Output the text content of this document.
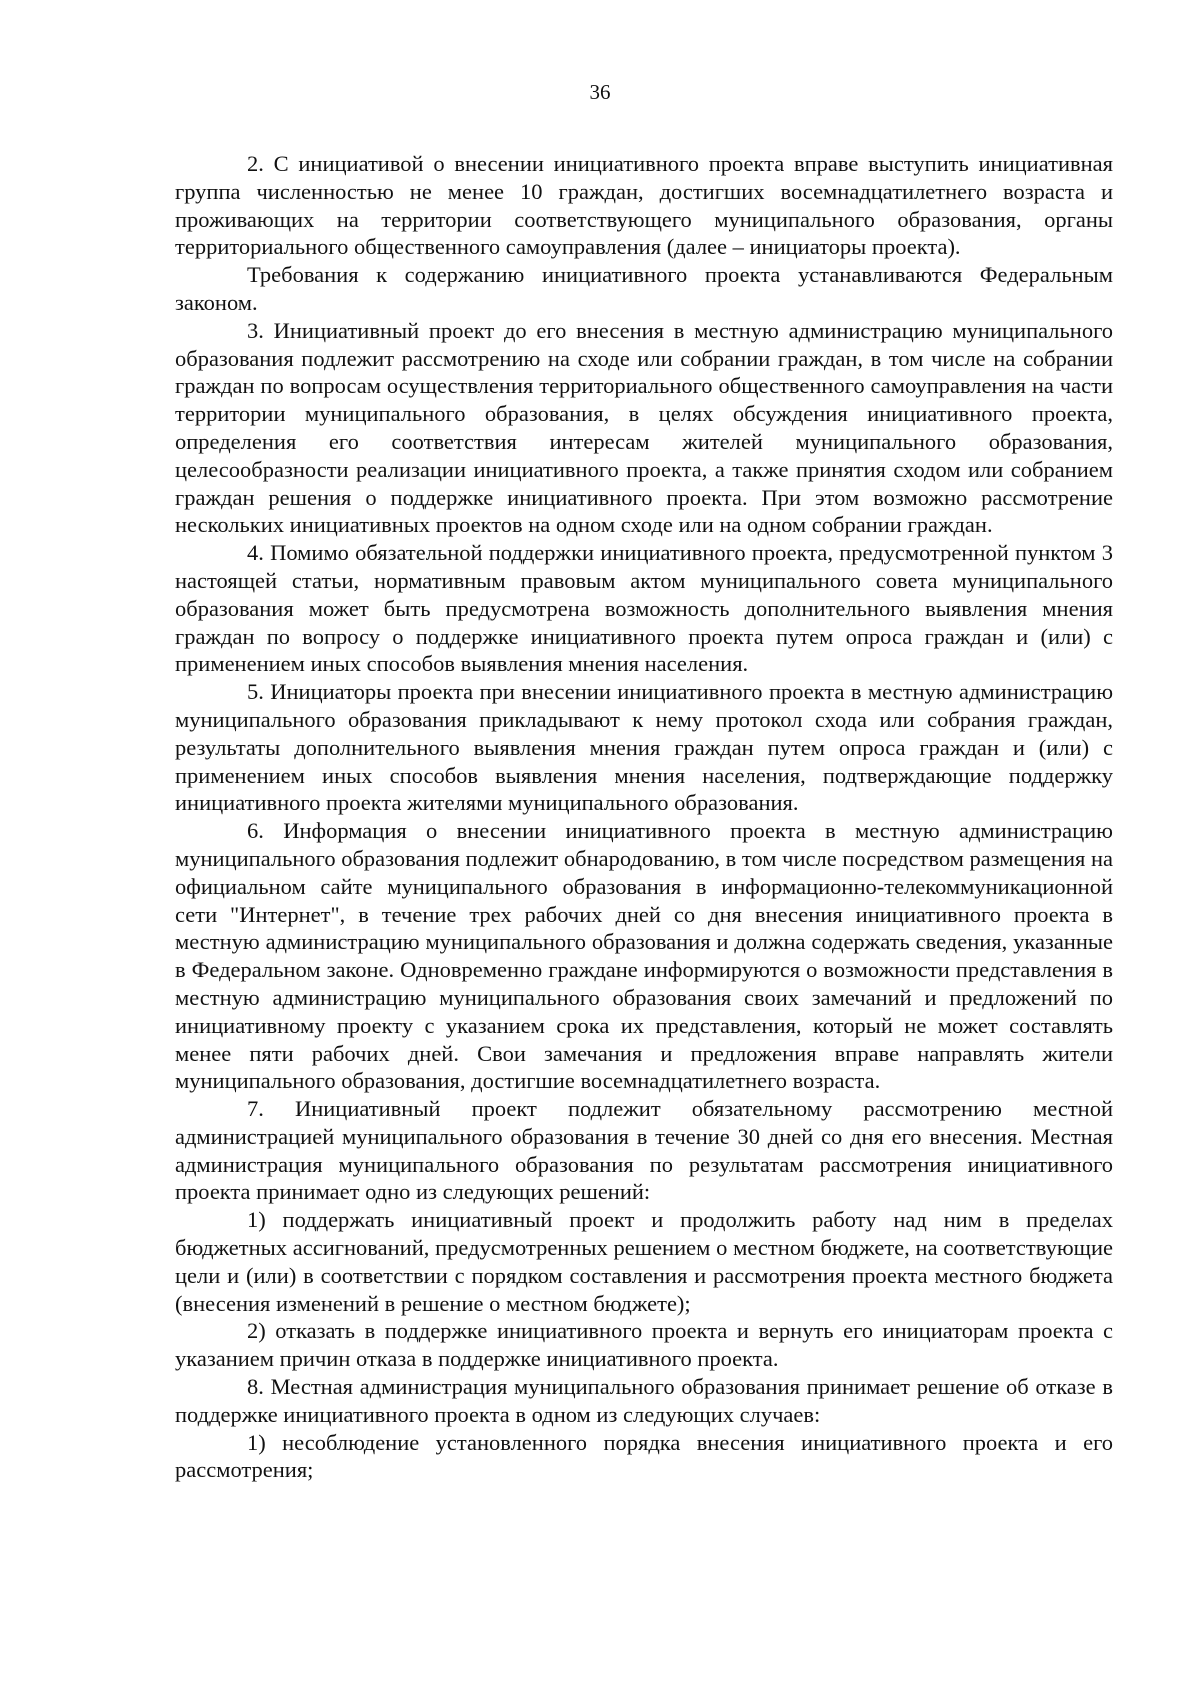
36

2. С инициативой о внесении инициативного проекта вправе выступить инициативная группа численностью не менее 10 граждан, достигших восемнадцатилетнего возраста и проживающих на территории соответствующего муниципального образования, органы территориального общественного самоуправления (далее – инициаторы проекта).

Требования к содержанию инициативного проекта устанавливаются Федеральным законом.

3. Инициативный проект до его внесения в местную администрацию муниципального образования подлежит рассмотрению на сходе или собрании граждан, в том числе на собрании граждан по вопросам осуществления территориального общественного самоуправления на части территории муниципального образования, в целях обсуждения инициативного проекта, определения его соответствия интересам жителей муниципального образования, целесообразности реализации инициативного проекта, а также принятия сходом или собранием граждан решения о поддержке инициативного проекта. При этом возможно рассмотрение нескольких инициативных проектов на одном сходе или на одном собрании граждан.

4. Помимо обязательной поддержки инициативного проекта, предусмотренной пунктом 3 настоящей статьи, нормативным правовым актом муниципального совета муниципального образования может быть предусмотрена возможность дополнительного выявления мнения граждан по вопросу о поддержке инициативного проекта путем опроса граждан и (или) с применением иных способов выявления мнения населения.

5. Инициаторы проекта при внесении инициативного проекта в местную администрацию муниципального образования прикладывают к нему протокол схода или собрания граждан, результаты дополнительного выявления мнения граждан путем опроса граждан и (или) с применением иных способов выявления мнения населения, подтверждающие поддержку инициативного проекта жителями муниципального образования.

6. Информация о внесении инициативного проекта в местную администрацию муниципального образования подлежит обнародованию, в том числе посредством размещения на официальном сайте муниципального образования в информационно-телекоммуникационной сети "Интернет", в течение трех рабочих дней со дня внесения инициативного проекта в местную администрацию муниципального образования и должна содержать сведения, указанные в Федеральном законе. Одновременно граждане информируются о возможности представления в местную администрацию муниципального образования своих замечаний и предложений по инициативному проекту с указанием срока их представления, который не может составлять менее пяти рабочих дней. Свои замечания и предложения вправе направлять жители муниципального образования, достигшие восемнадцатилетнего возраста.

7. Инициативный проект подлежит обязательному рассмотрению местной администрацией муниципального образования в течение 30 дней со дня его внесения. Местная администрация муниципального образования по результатам рассмотрения инициативного проекта принимает одно из следующих решений:

1) поддержать инициативный проект и продолжить работу над ним в пределах бюджетных ассигнований, предусмотренных решением о местном бюджете, на соответствующие цели и (или) в соответствии с порядком составления и рассмотрения проекта местного бюджета (внесения изменений в решение о местном бюджете);

2) отказать в поддержке инициативного проекта и вернуть его инициаторам проекта с указанием причин отказа в поддержке инициативного проекта.

8. Местная администрация муниципального образования принимает решение об отказе в поддержке инициативного проекта в одном из следующих случаев:

1) несоблюдение установленного порядка внесения инициативного проекта и его рассмотрения;
